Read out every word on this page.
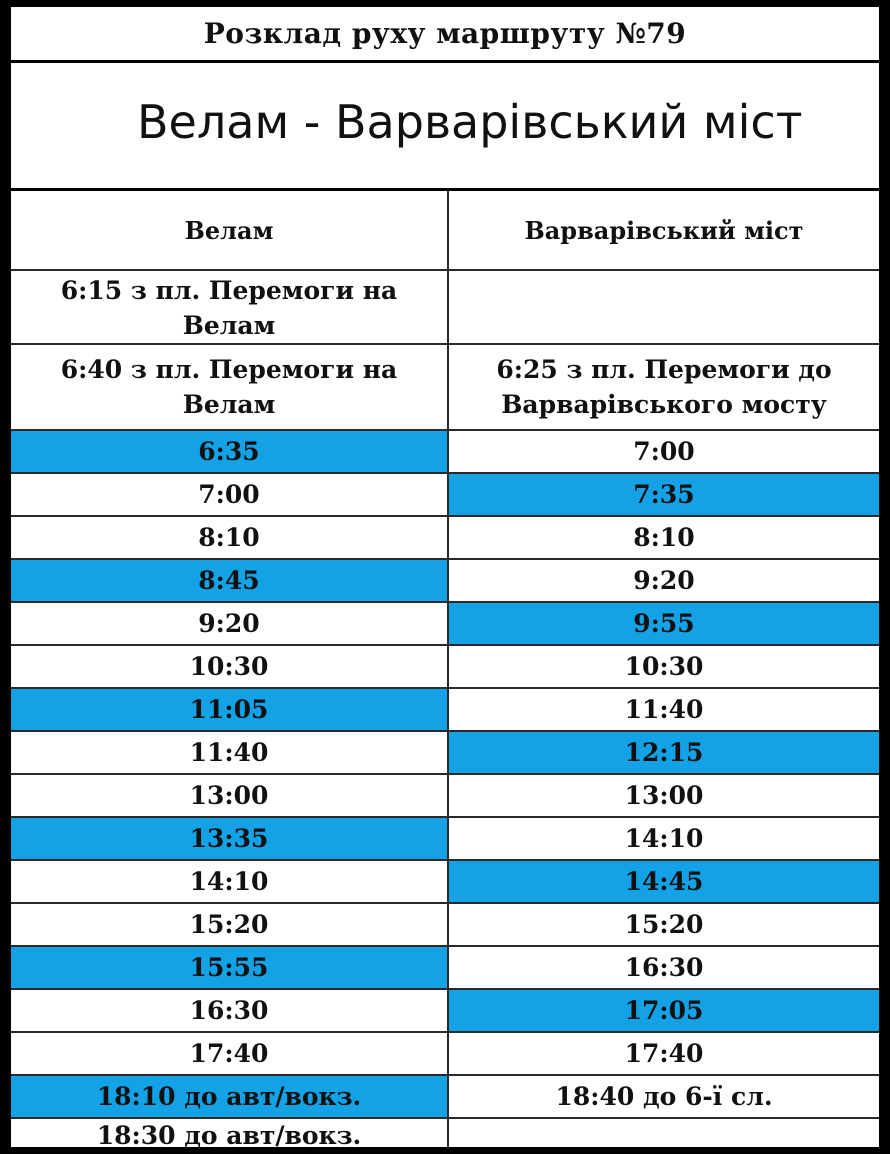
Розклад руху маршруту №79
Велам - Варварівський міст
Велам	Варварівський міст
6:15 з пл. Перемоги на Велам	
6:40 з пл. Перемоги на Велам	6:25 з пл. Перемоги до Варварівського мосту
6:35	7:00
7:00	7:35
8:10	8:10
8:45	9:20
9:20	9:55
10:30	10:30
11:05	11:40
11:40	12:15
13:00	13:00
13:35	14:10
14:10	14:45
15:20	15:20
15:55	16:30
16:30	17:05
17:40	17:40
18:10 до авт/вокз.	18:40 до 6-ї сл.
18:30 до авт/вокз.	
